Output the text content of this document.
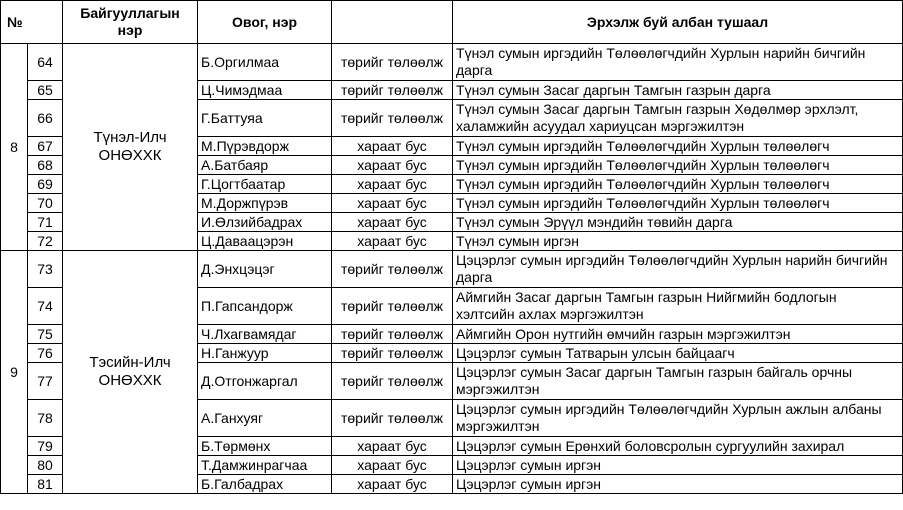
№		Байгууллагын нэр	Овог, нэр		Эрхэлж буй албан тушаал
8	64	Түнэл-Илч ОНӨХХК	Б.Оргилмаа	төрийг төлөөлж	Түнэл сумын иргэдийн Төлөөлөгчдийн Хурлын нарийн бичгийн дарга
	65		Ц.Чимэдмаа	төрийг төлөөлж	Түнэл сумын Засаг даргын Тамгын газрын дарга
	66		Г.Баттуяа	төрийг төлөөлж	Түнэл сумын Засаг даргын Тамгын газрын Хөдөлмөр эрхлэлт, халамжийн асуудал хариуцсан мэргэжилтэн
	67		М.Пүрэвдорж	хараат бус	Түнэл сумын иргэдийн Төлөөлөгчдийн Хурлын төлөөлөгч
	68		А.Батбаяр	хараат бус	Түнэл сумын иргэдийн Төлөөлөгчдийн Хурлын төлөөлөгч
	69		Г.Цогтбаатар	хараат бус	Түнэл сумын иргэдийн Төлөөлөгчдийн Хурлын төлөөлөгч
	70		М.Доржпүрэв	хараат бус	Түнэл сумын иргэдийн Төлөөлөгчдийн Хурлын төлөөлөгч
	71		И.Өлзийбадрах	хараат бус	Түнэл сумын Эрүүл мэндийн төвийн дарга
	72		Ц.Даваацэрэн	хараат бус	Түнэл сумын иргэн
9	73	Тэсийн-Илч ОНӨХХК	Д.Энхцэцэг	төрийг төлөөлж	Цэцэрлэг сумын иргэдийн Төлөөлөгчдийн Хурлын нарийн бичгийн дарга
	74		П.Гапсандорж	төрийг төлөөлж	Аймгийн Засаг даргын Тамгын газрын Нийгмийн бодлогын хэлтсийн ахлах мэргэжилтэн
	75		Ч.Лхагвамядаг	төрийг төлөөлж	Аймгийн Орон нутгийн өмчийн газрын мэргэжилтэн
	76		Н.Ганжуур	төрийг төлөөлж	Цэцэрлэг сумын Татварын улсын байцаагч
	77		Д.Отгонжаргал	төрийг төлөөлж	Цэцэрлэг сумын Засаг даргын Тамгын газрын байгаль орчны мэргэжилтэн
	78		А.Ганхуяг	төрийг төлөөлж	Цэцэрлэг сумын иргэдийн Төлөөлөгчдийн Хурлын ажлын албаны мэргэжилтэн
	79		Б.Төрмөнх	хараат бус	Цэцэрлэг сумын Ерөнхий боловсролын сургуулийн захирал
	80		Т.Дамжинрагчаа	хараат бус	Цэцэрлэг сумын иргэн
	81		Б.Галбадрах	хараат бус	Цэцэрлэг сумын иргэн
